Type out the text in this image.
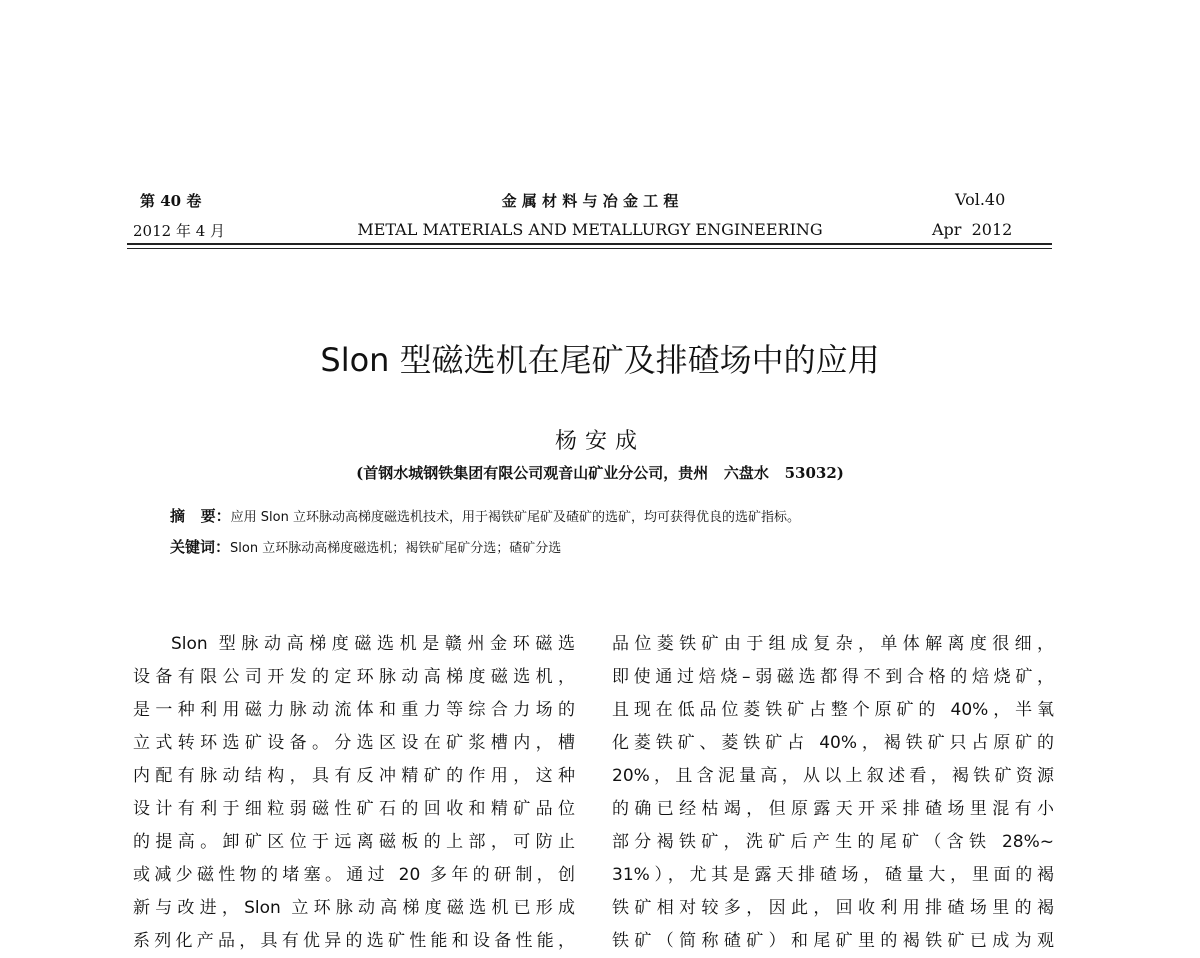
第 40 卷
2012 年 4 月
金 属 材 料 与 冶 金 工 程
METAL MATERIALS AND METALLURGY ENGINEERING
Vol.40
Apr  2012
Slon 型磁选机在尾矿及排碴场中的应用
杨安成
(首钢水城钢铁集团有限公司观音山矿业分公司，贵州   六盘水   53032)
摘   要：应用 Slon 立环脉动高梯度磁选机技术，用于褐铁矿尾矿及碴矿的选矿，均可获得优良的选矿指标。
关键词：Slon 立环脉动高梯度磁选机；褐铁矿尾矿分选；碴矿分选
Slon 型脉动高梯度磁选机是赣州金环磁选
设备有限公司开发的定环脉动高梯度磁选机，
是一种利用磁力脉动流体和重力等综合力场的
立式转环选矿设备。分选区设在矿浆槽内，槽
内配有脉动结构，具有反冲精矿的作用，这种
设计有利于细粒弱磁性矿石的回收和精矿品位
的提高。卸矿区位于远离磁板的上部，可防止
或减少磁性物的堵塞。通过 20 多年的研制，创
新与改进，Slon 立环脉动高梯度磁选机已形成
系列化产品，具有优异的选矿性能和设备性能，
品位菱铁矿由于组成复杂，单体解离度很细，
即使通过焙烧–弱磁选都得不到合格的焙烧矿，
且现在低品位菱铁矿占整个原矿的 40%，半氧
化菱铁矿、菱铁矿占 40%，褐铁矿只占原矿的
20%，且含泥量高，从以上叙述看，褐铁矿资源
的确已经枯竭，但原露天开采排碴场里混有小
部分褐铁矿，洗矿后产生的尾矿（含铁 28%~
31%），尤其是露天排碴场，碴量大，里面的褐
铁矿相对较多，因此，回收利用排碴场里的褐
铁矿（简称碴矿）和尾矿里的褐铁矿已成为观
